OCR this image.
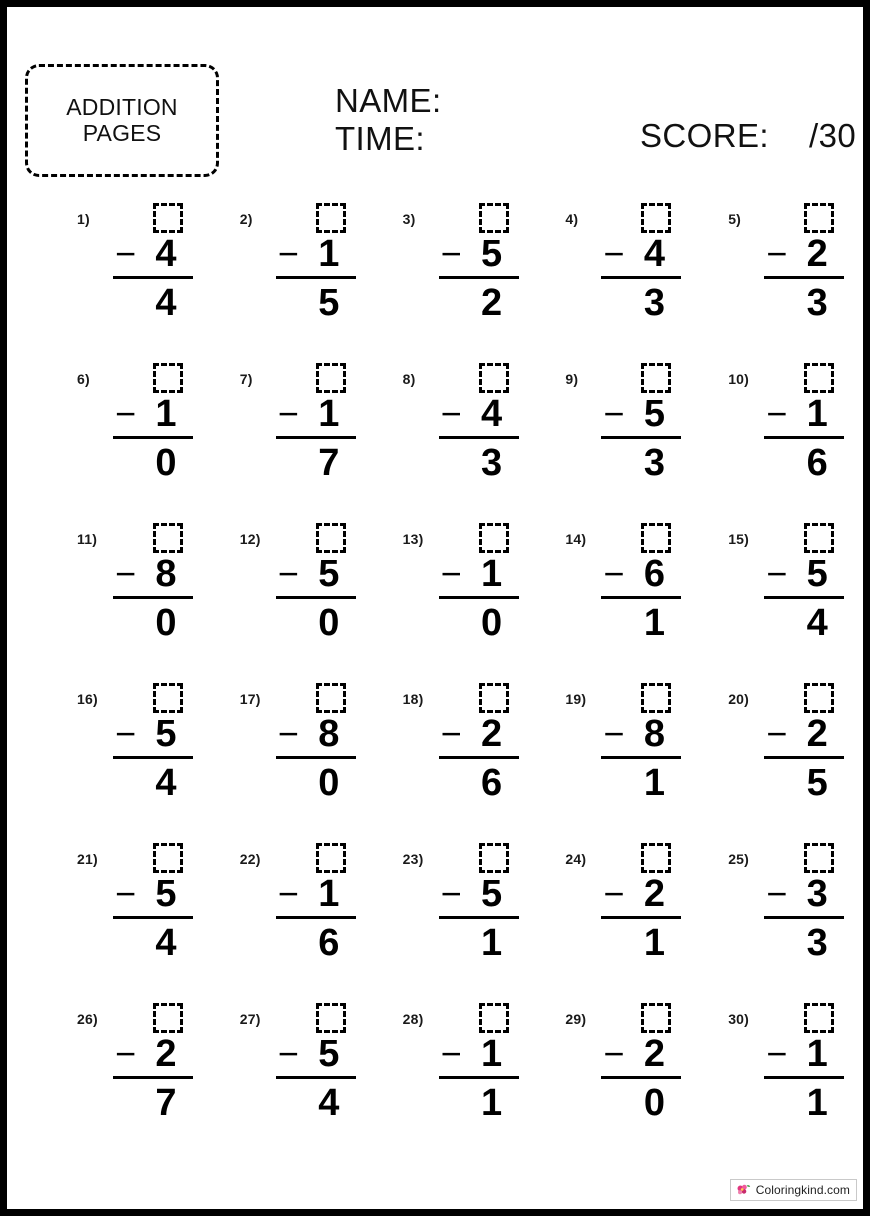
ADDITION
PAGES
NAME:
TIME:	SCORE: /30
1)
− 4
4
2)
− 1
5
3)
− 5
2
4)
− 4
3
5)
− 2
3
6)
− 1
0
7)
− 1
7
8)
− 4
3
9)
− 5
3
10)
− 1
6
11)
− 8
0
12)
− 5
0
13)
− 1
0
14)
− 6
1
15)
− 5
4
16)
− 5
4
17)
− 8
0
18)
− 2
6
19)
− 8
1
20)
− 2
5
21)
− 5
4
22)
− 1
6
23)
− 5
1
24)
− 2
1
25)
− 3
3
26)
− 2
7
27)
− 5
4
28)
− 1
1
29)
− 2
0
30)
− 1
1
Coloringkind.com
